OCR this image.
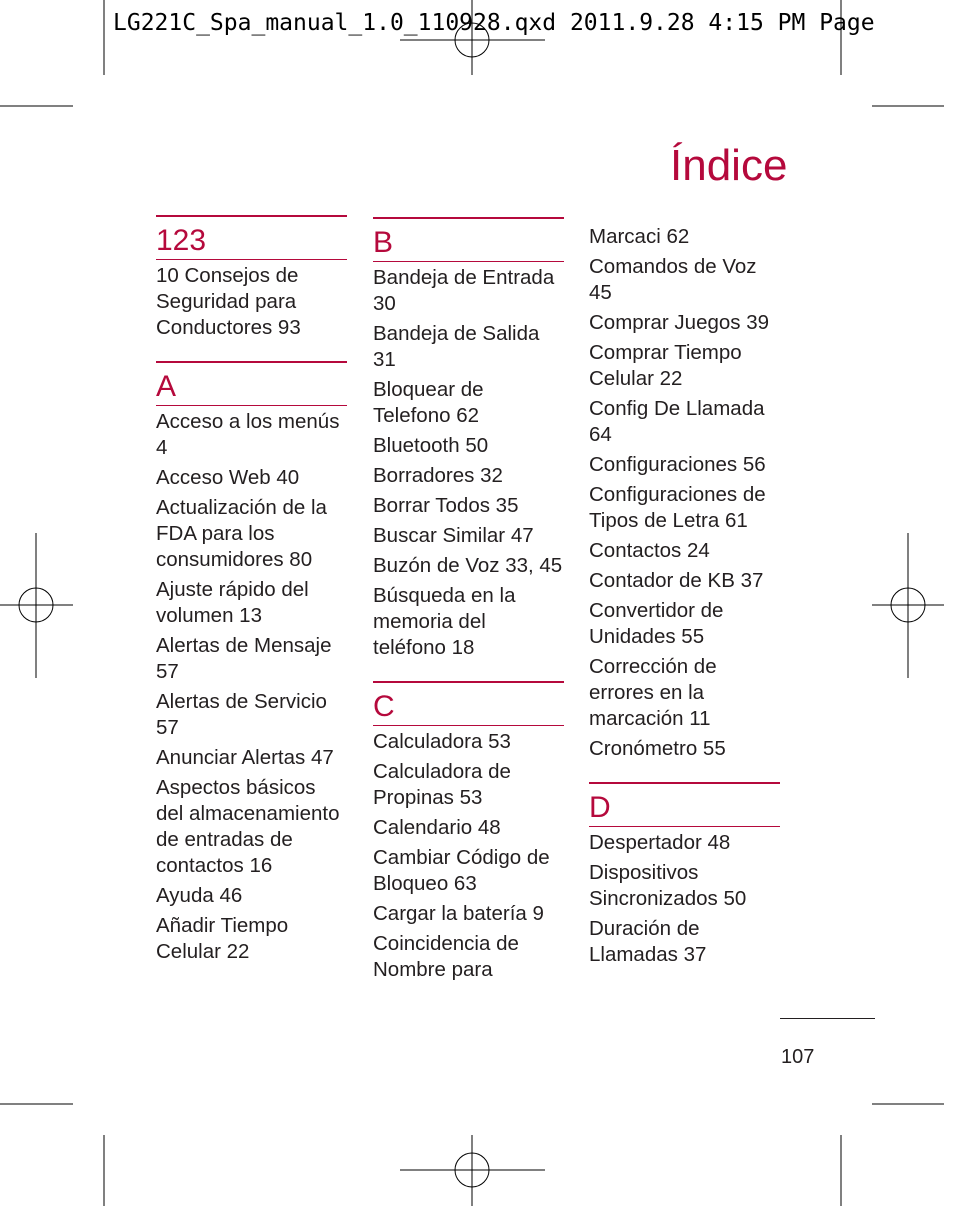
LG221C_Spa_manual_1.0_110928.qxd 2011.9.28 4:15 PM Page
Índice
123
10 Consejos de Seguridad para Conductores 93
A
Acceso a los menús 4
Acceso Web 40
Actualización de la FDA para los consumidores 80
Ajuste rápido del volumen 13
Alertas de Mensaje 57
Alertas de Servicio 57
Anunciar Alertas 47
Aspectos básicos del almacenamiento de entradas de contactos 16
Ayuda 46
Añadir Tiempo Celular 22
B
Bandeja de Entrada 30
Bandeja de Salida 31
Bloquear de Telefono 62
Bluetooth 50
Borradores 32
Borrar Todos 35
Buscar Similar 47
Buzón de Voz 33, 45
Búsqueda en la memoria del teléfono 18
C
Calculadora 53
Calculadora de Propinas 53
Calendario 48
Cambiar Código de Bloqueo 63
Cargar la batería 9
Coincidencia de Nombre para
Marcaci 62
Comandos de Voz 45
Comprar Juegos 39
Comprar Tiempo Celular 22
Config De Llamada 64
Configuraciones 56
Configuraciones de Tipos de Letra 61
Contactos 24
Contador de KB 37
Convertidor de Unidades 55
Corrección de errores en la marcación 11
Cronómetro 55
D
Despertador 48
Dispositivos Sincronizados 50
Duración de Llamadas 37
107
